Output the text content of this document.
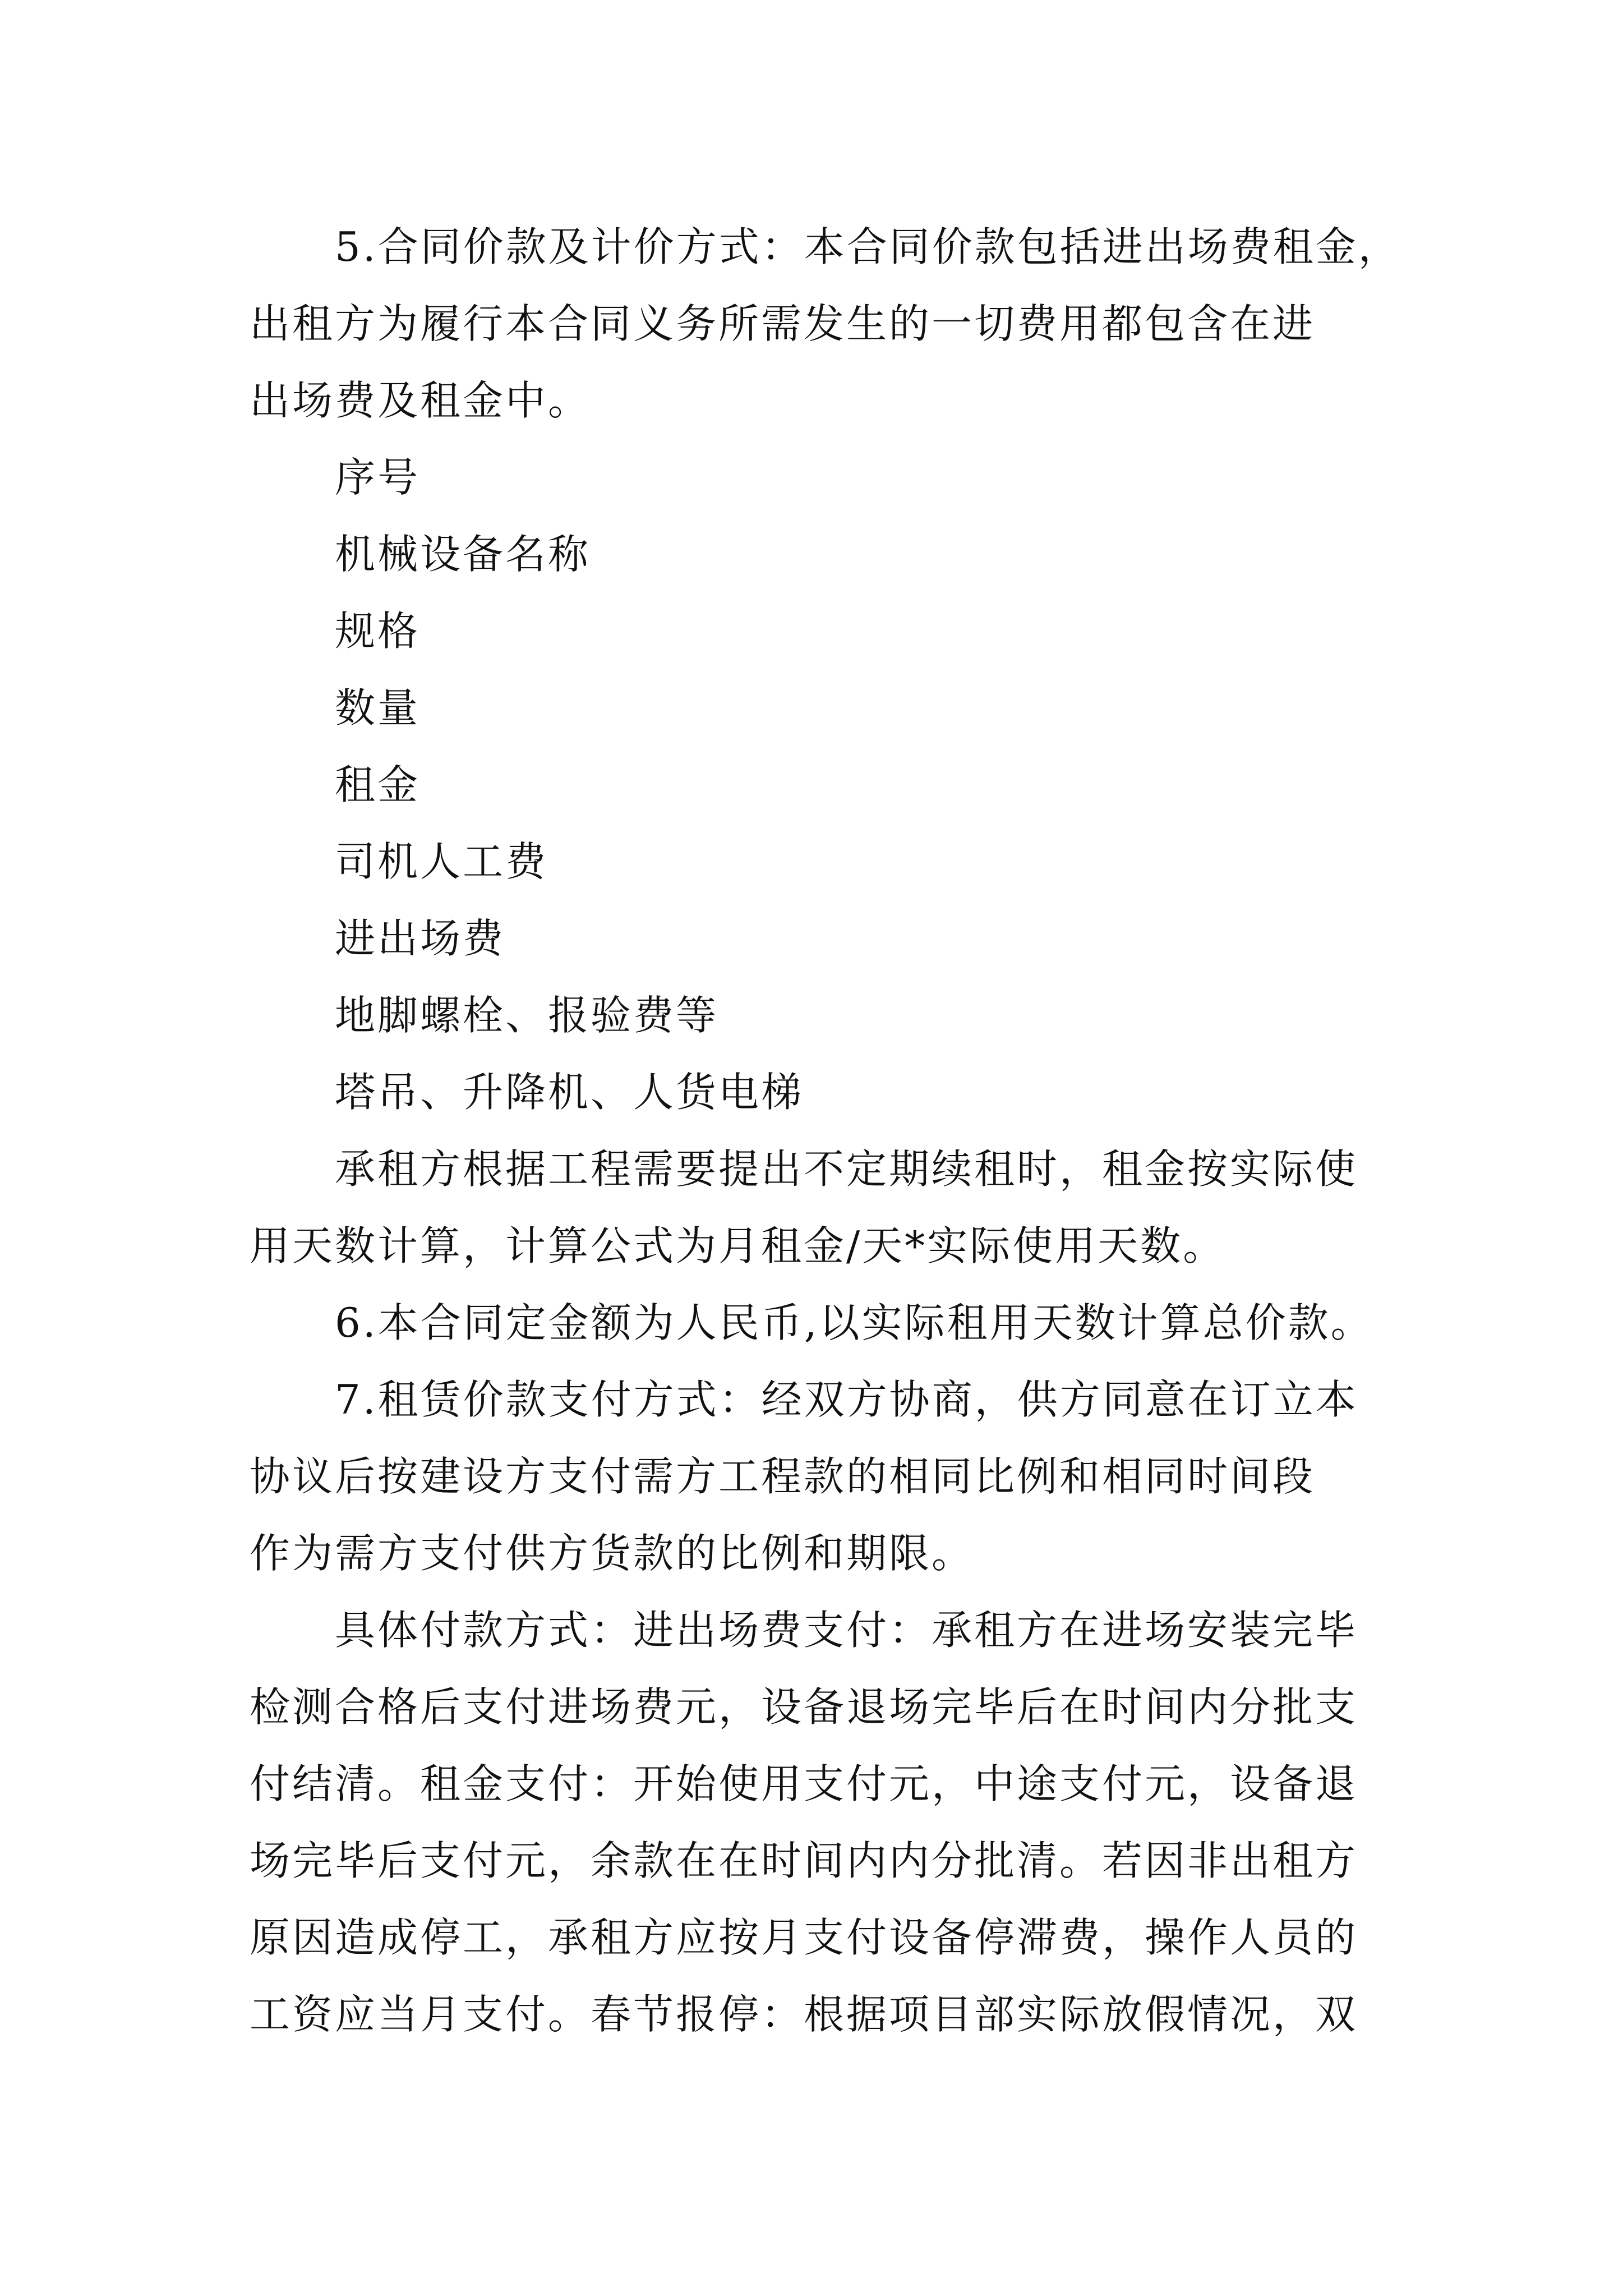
5.合同价款及计价方式：本合同价款包括进出场费租金，
出租方为履行本合同义务所需发生的一切费用都包含在进
出场费及租金中。
序号
机械设备名称
规格
数量
租金
司机人工费
进出场费
地脚螺栓、报验费等
塔吊、升降机、人货电梯
承租方根据工程需要提出不定期续租时，租金按实际使
用天数计算，计算公式为月租金/天*实际使用天数。
6.本合同定金额为人民币,以实际租用天数计算总价款。
7.租赁价款支付方式：经双方协商，供方同意在订立本
协议后按建设方支付需方工程款的相同比例和相同时间段
作为需方支付供方货款的比例和期限。
具体付款方式：进出场费支付：承租方在进场安装完毕
检测合格后支付进场费元，设备退场完毕后在时间内分批支
付结清。租金支付：开始使用支付元，中途支付元，设备退
场完毕后支付元，余款在在时间内内分批清。若因非出租方
原因造成停工，承租方应按月支付设备停滞费，操作人员的
工资应当月支付。春节报停：根据项目部实际放假情况，双
